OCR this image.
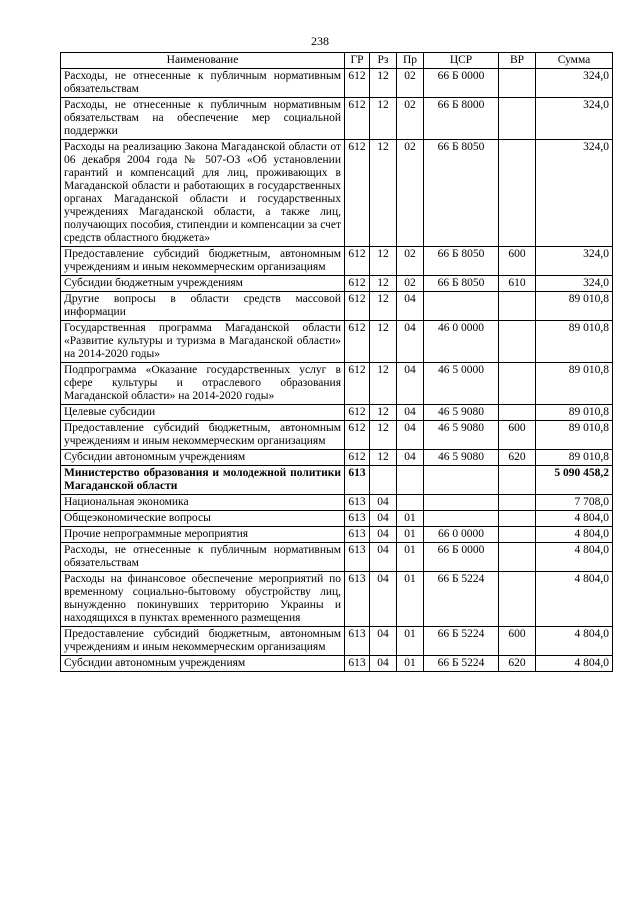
238
Наименование	ГР	Рз	Пр	ЦСР	ВР	Сумма
Расходы, не отнесенные к публичным нормативным обязательствам	612	12	02	66 Б 0000		324,0
Расходы, не отнесенные к публичным нормативным обязательствам на обеспечение мер социальной поддержки	612	12	02	66 Б 8000		324,0
Расходы на реализацию Закона Магаданской области от 06 декабря 2004 года № 507-ОЗ «Об установлении гарантий и компенсаций для лиц, проживающих в Магаданской области и работающих в государственных органах Магаданской области и государственных учреждениях Магаданской области, а также лиц, получающих пособия, стипендии и компенсации за счет средств областного бюджета»	612	12	02	66 Б 8050		324,0
Предоставление субсидий бюджетным, автономным учреждениям и иным некоммерческим организациям	612	12	02	66 Б 8050	600	324,0
Субсидии бюджетным учреждениям	612	12	02	66 Б 8050	610	324,0
Другие вопросы в области средств массовой информации	612	12	04			89 010,8
Государственная программа Магаданской области «Развитие культуры и туризма в Магаданской области» на 2014-2020 годы»	612	12	04	46 0 0000		89 010,8
Подпрограмма «Оказание государственных услуг в сфере культуры и отраслевого образования Магаданской области» на 2014-2020 годы»	612	12	04	46 5 0000		89 010,8
Целевые субсидии	612	12	04	46 5 9080		89 010,8
Предоставление субсидий бюджетным, автономным учреждениям и иным некоммерческим организациям	612	12	04	46 5 9080	600	89 010,8
Субсидии автономным учреждениям	612	12	04	46 5 9080	620	89 010,8
Министерство образования и молодежной политики Магаданской области	613					5 090 458,2
Национальная экономика	613	04				7 708,0
Общеэкономические вопросы	613	04	01			4 804,0
Прочие непрограммные мероприятия	613	04	01	66 0 0000		4 804,0
Расходы, не отнесенные к публичным нормативным обязательствам	613	04	01	66 Б 0000		4 804,0
Расходы на финансовое обеспечение мероприятий по временному социально-бытовому обустройству лиц, вынужденно покинувших территорию Украины и находящихся в пунктах временного размещения	613	04	01	66 Б 5224		4 804,0
Предоставление субсидий бюджетным, автономным учреждениям и иным некоммерческим организациям	613	04	01	66 Б 5224	600	4 804,0
Субсидии автономным учреждениям	613	04	01	66 Б 5224	620	4 804,0
